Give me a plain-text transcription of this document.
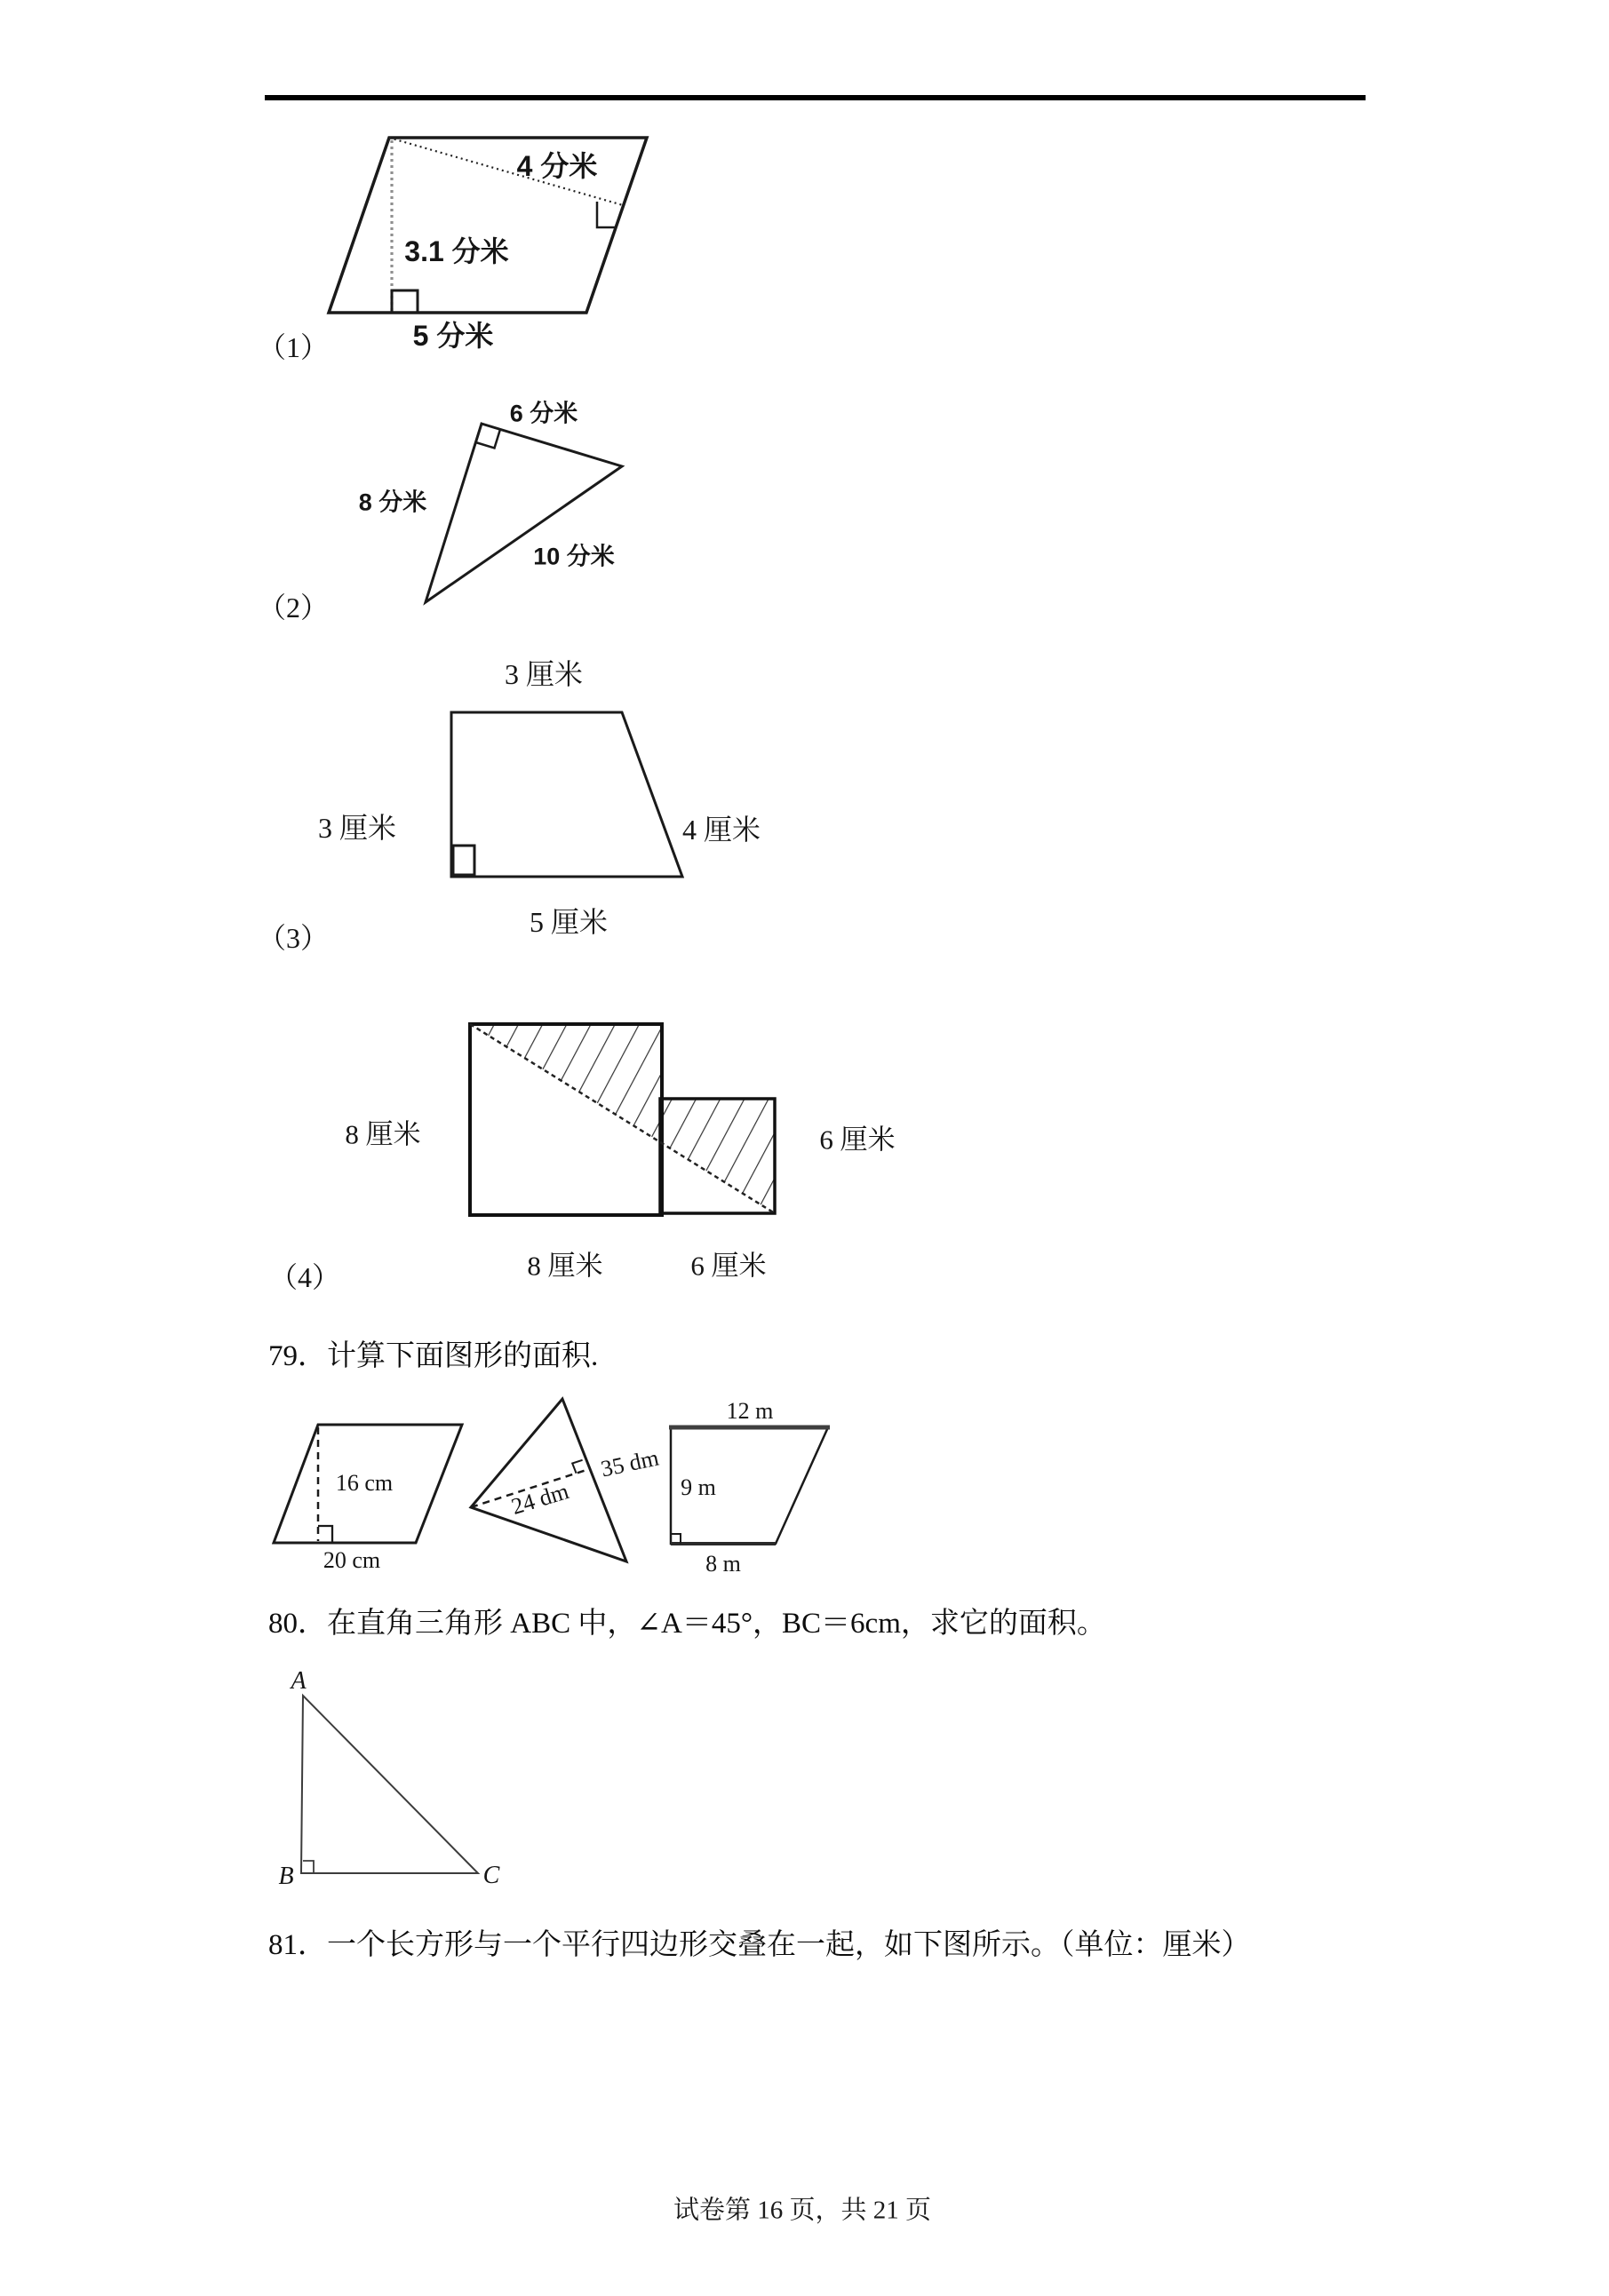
4 分米
3.1 分米
5 分米
（1）
6 分米
8 分米
10 分米
（2）
3 厘米
3 厘米	4 厘米
5 厘米
（3）
8 厘米	6 厘米
8 厘米	6 厘米
（4）
79．计算下面图形的面积.
16 cm
20 cm
24 dm
35 dm
12 m
9 m
8 m
80．在直角三角形 ABC 中，∠A＝45°，BC＝6cm，求它的面积。
A
B	C
81．一个长方形与一个平行四边形交叠在一起，如下图所示。（单位：厘米）
试卷第 16 页，共 21 页
